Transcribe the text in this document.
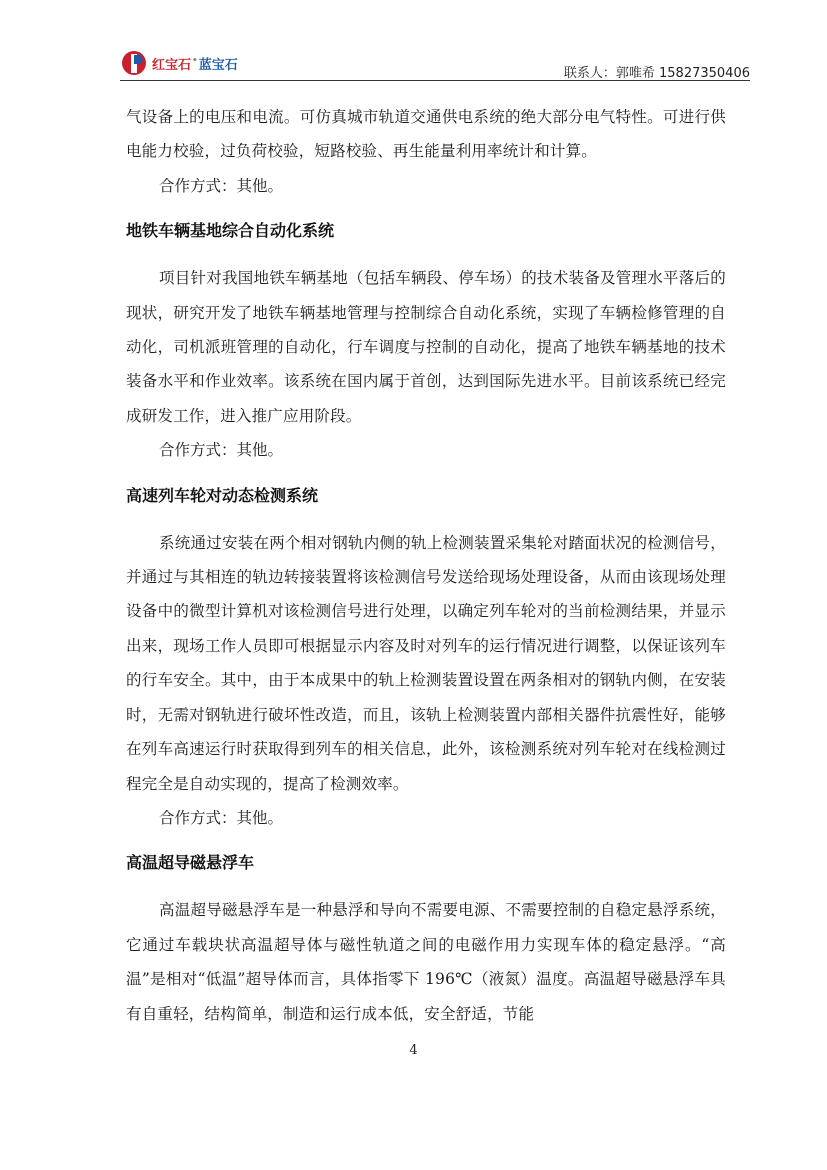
红宝石•蓝宝石
联系人：郭唯希 15827350406

气设备上的电压和电流。可仿真城市轨道交通供电系统的绝大部分电气特性。可进行供电能力校验，过负荷校验，短路校验、再生能量利用率统计和计算。

合作方式：其他。

地铁车辆基地综合自动化系统

项目针对我国地铁车辆基地（包括车辆段、停车场）的技术装备及管理水平落后的现状，研究开发了地铁车辆基地管理与控制综合自动化系统，实现了车辆检修管理的自动化，司机派班管理的自动化，行车调度与控制的自动化，提高了地铁车辆基地的技术装备水平和作业效率。该系统在国内属于首创，达到国际先进水平。目前该系统已经完成研发工作，进入推广应用阶段。

合作方式：其他。

高速列车轮对动态检测系统

系统通过安装在两个相对钢轨内侧的轨上检测装置采集轮对踏面状况的检测信号，并通过与其相连的轨边转接装置将该检测信号发送给现场处理设备，从而由该现场处理设备中的微型计算机对该检测信号进行处理，以确定列车轮对的当前检测结果，并显示出来，现场工作人员即可根据显示内容及时对列车的运行情况进行调整，以保证该列车的行车安全。其中，由于本成果中的轨上检测装置设置在两条相对的钢轨内侧，在安装时，无需对钢轨进行破坏性改造，而且，该轨上检测装置内部相关器件抗震性好，能够在列车高速运行时获取得到列车的相关信息，此外，该检测系统对列车轮对在线检测过程完全是自动实现的，提高了检测效率。

合作方式：其他。

高温超导磁悬浮车

高温超导磁悬浮车是一种悬浮和导向不需要电源、不需要控制的自稳定悬浮系统，它通过车载块状高温超导体与磁性轨道之间的电磁作用力实现车体的稳定悬浮。“高温”是相对“低温”超导体而言，具体指零下 196℃（液氮）温度。高温超导磁悬浮车具有自重轻，结构简单，制造和运行成本低，安全舒适，节能

4
